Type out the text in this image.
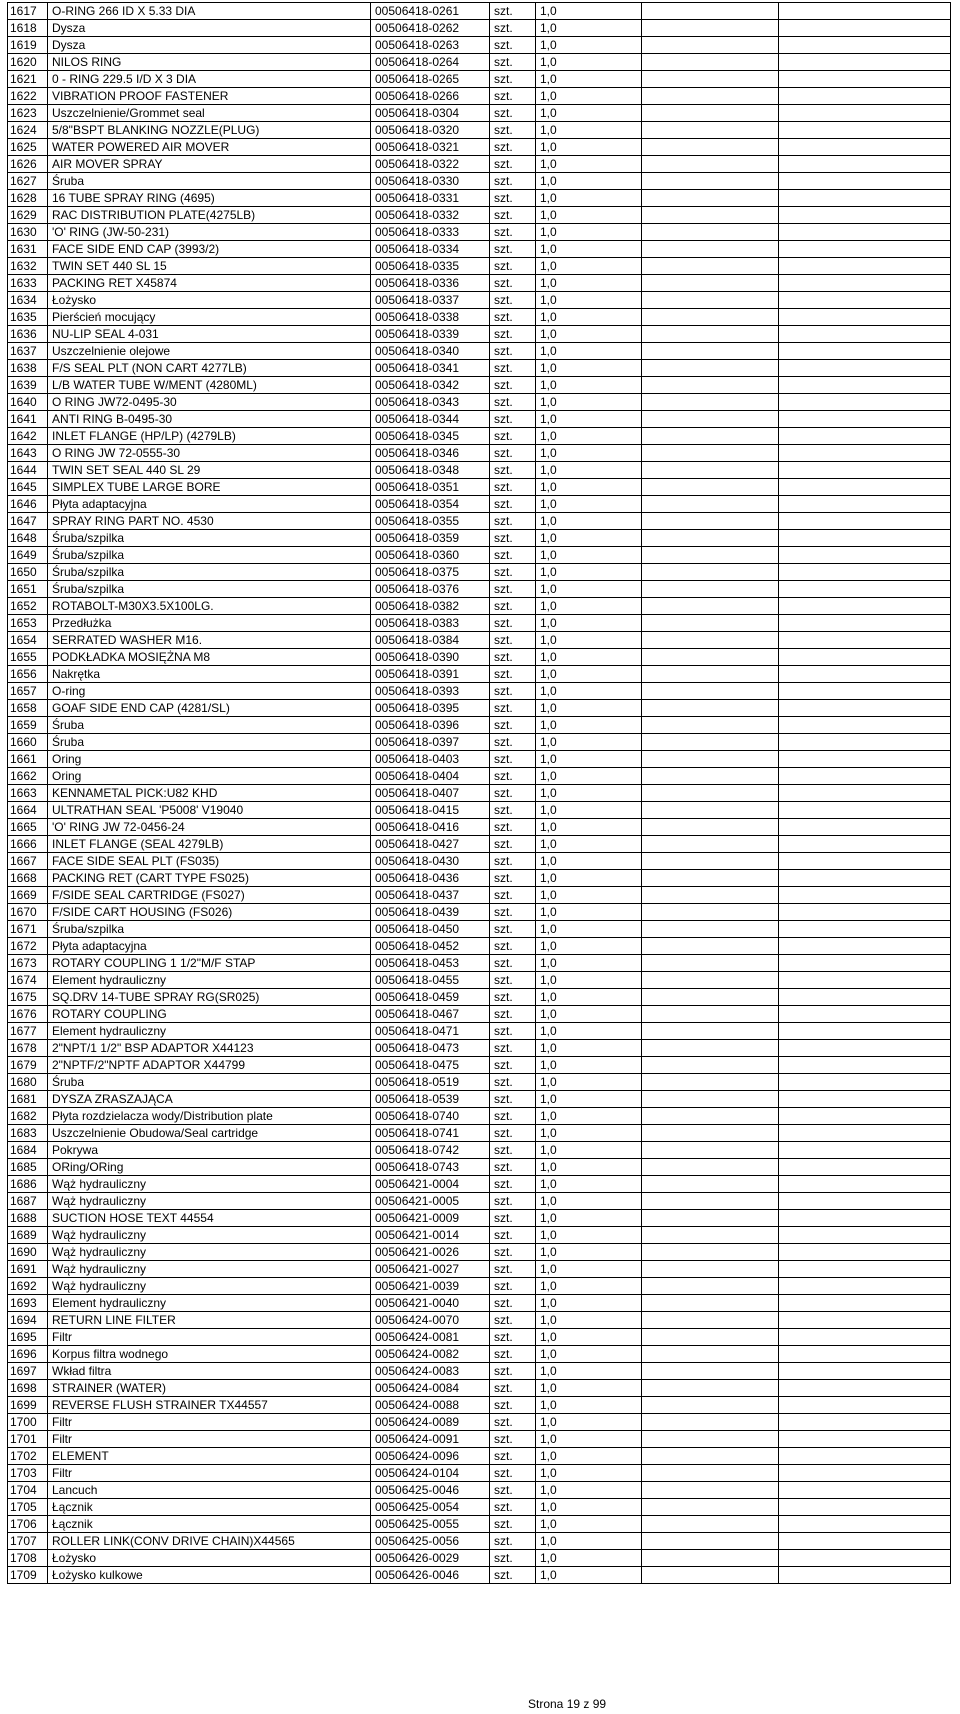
1617	O-RING 266 ID X 5.33 DIA	00506418-0261	szt.	1,0		
1618	Dysza	00506418-0262	szt.	1,0		
1619	Dysza	00506418-0263	szt.	1,0		
1620	NILOS RING	00506418-0264	szt.	1,0		
1621	0 - RING 229.5 I/D X 3 DIA	00506418-0265	szt.	1,0		
1622	VIBRATION PROOF FASTENER	00506418-0266	szt.	1,0		
1623	Uszczelnienie/Grommet seal	00506418-0304	szt.	1,0		
1624	5/8"BSPT BLANKING NOZZLE(PLUG)	00506418-0320	szt.	1,0		
1625	WATER POWERED AIR MOVER	00506418-0321	szt.	1,0		
1626	AIR MOVER SPRAY	00506418-0322	szt.	1,0		
1627	Śruba	00506418-0330	szt.	1,0		
1628	16 TUBE SPRAY RING (4695)	00506418-0331	szt.	1,0		
1629	RAC DISTRIBUTION PLATE(4275LB)	00506418-0332	szt.	1,0		
1630	'O' RING (JW-50-231)	00506418-0333	szt.	1,0		
1631	FACE SIDE END CAP (3993/2)	00506418-0334	szt.	1,0		
1632	TWIN SET 440 SL 15	00506418-0335	szt.	1,0		
1633	PACKING RET X45874	00506418-0336	szt.	1,0		
1634	Łożysko	00506418-0337	szt.	1,0		
1635	Pierścień mocujący	00506418-0338	szt.	1,0		
1636	NU-LIP SEAL 4-031	00506418-0339	szt.	1,0		
1637	Uszczelnienie olejowe	00506418-0340	szt.	1,0		
1638	F/S SEAL PLT (NON CART 4277LB)	00506418-0341	szt.	1,0		
1639	L/B WATER TUBE W/MENT (4280ML)	00506418-0342	szt.	1,0		
1640	O RING JW72-0495-30	00506418-0343	szt.	1,0		
1641	ANTI RING B-0495-30	00506418-0344	szt.	1,0		
1642	INLET FLANGE (HP/LP) (4279LB)	00506418-0345	szt.	1,0		
1643	O RING JW 72-0555-30	00506418-0346	szt.	1,0		
1644	TWIN SET SEAL 440 SL 29	00506418-0348	szt.	1,0		
1645	SIMPLEX TUBE LARGE BORE	00506418-0351	szt.	1,0		
1646	Płyta adaptacyjna	00506418-0354	szt.	1,0		
1647	SPRAY RING PART NO. 4530	00506418-0355	szt.	1,0		
1648	Śruba/szpilka	00506418-0359	szt.	1,0		
1649	Śruba/szpilka	00506418-0360	szt.	1,0		
1650	Śruba/szpilka	00506418-0375	szt.	1,0		
1651	Śruba/szpilka	00506418-0376	szt.	1,0		
1652	ROTABOLT-M30X3.5X100LG.	00506418-0382	szt.	1,0		
1653	Przedłużka	00506418-0383	szt.	1,0		
1654	SERRATED WASHER M16.	00506418-0384	szt.	1,0		
1655	PODKŁADKA MOSIĘŻNA M8	00506418-0390	szt.	1,0		
1656	Nakrętka	00506418-0391	szt.	1,0		
1657	O-ring	00506418-0393	szt.	1,0		
1658	GOAF SIDE END CAP (4281/SL)	00506418-0395	szt.	1,0		
1659	Śruba	00506418-0396	szt.	1,0		
1660	Śruba	00506418-0397	szt.	1,0		
1661	Oring	00506418-0403	szt.	1,0		
1662	Oring	00506418-0404	szt.	1,0		
1663	KENNAMETAL PICK:U82 KHD	00506418-0407	szt.	1,0		
1664	ULTRATHAN SEAL 'P5008' V19040	00506418-0415	szt.	1,0		
1665	'O' RING JW 72-0456-24	00506418-0416	szt.	1,0		
1666	INLET FLANGE (SEAL 4279LB)	00506418-0427	szt.	1,0		
1667	FACE SIDE SEAL PLT (FS035)	00506418-0430	szt.	1,0		
1668	PACKING RET (CART TYPE FS025)	00506418-0436	szt.	1,0		
1669	F/SIDE SEAL CARTRIDGE (FS027)	00506418-0437	szt.	1,0		
1670	F/SIDE CART HOUSING (FS026)	00506418-0439	szt.	1,0		
1671	Śruba/szpilka	00506418-0450	szt.	1,0		
1672	Płyta adaptacyjna	00506418-0452	szt.	1,0		
1673	ROTARY COUPLING 1 1/2"M/F STAP	00506418-0453	szt.	1,0		
1674	Element hydrauliczny	00506418-0455	szt.	1,0		
1675	SQ.DRV 14-TUBE SPRAY RG(SR025)	00506418-0459	szt.	1,0		
1676	ROTARY COUPLING	00506418-0467	szt.	1,0		
1677	Element hydrauliczny	00506418-0471	szt.	1,0		
1678	2"NPT/1 1/2" BSP ADAPTOR X44123	00506418-0473	szt.	1,0		
1679	2"NPTF/2"NPTF ADAPTOR X44799	00506418-0475	szt.	1,0		
1680	Śruba	00506418-0519	szt.	1,0		
1681	DYSZA ZRASZAJĄCA	00506418-0539	szt.	1,0		
1682	Płyta rozdzielacza wody/Distribution plate	00506418-0740	szt.	1,0		
1683	Uszczelnienie Obudowa/Seal cartridge	00506418-0741	szt.	1,0		
1684	Pokrywa	00506418-0742	szt.	1,0		
1685	ORing/ORing	00506418-0743	szt.	1,0		
1686	Wąż hydrauliczny	00506421-0004	szt.	1,0		
1687	Wąż hydrauliczny	00506421-0005	szt.	1,0		
1688	SUCTION HOSE TEXT 44554	00506421-0009	szt.	1,0		
1689	Wąż hydrauliczny	00506421-0014	szt.	1,0		
1690	Wąż hydrauliczny	00506421-0026	szt.	1,0		
1691	Wąż hydrauliczny	00506421-0027	szt.	1,0		
1692	Wąż hydrauliczny	00506421-0039	szt.	1,0		
1693	Element hydrauliczny	00506421-0040	szt.	1,0		
1694	RETURN LINE FILTER	00506424-0070	szt.	1,0		
1695	Filtr	00506424-0081	szt.	1,0		
1696	Korpus filtra wodnego	00506424-0082	szt.	1,0		
1697	Wkład filtra	00506424-0083	szt.	1,0		
1698	STRAINER (WATER)	00506424-0084	szt.	1,0		
1699	REVERSE FLUSH STRAINER TX44557	00506424-0088	szt.	1,0		
1700	Filtr	00506424-0089	szt.	1,0		
1701	Filtr	00506424-0091	szt.	1,0		
1702	ELEMENT	00506424-0096	szt.	1,0		
1703	Filtr	00506424-0104	szt.	1,0		
1704	Lancuch	00506425-0046	szt.	1,0		
1705	Łącznik	00506425-0054	szt.	1,0		
1706	Łącznik	00506425-0055	szt.	1,0		
1707	ROLLER LINK(CONV DRIVE CHAIN)X44565	00506425-0056	szt.	1,0		
1708	Łożysko	00506426-0029	szt.	1,0		
1709	Łożysko kulkowe	00506426-0046	szt.	1,0		
Strona 19 z 99
